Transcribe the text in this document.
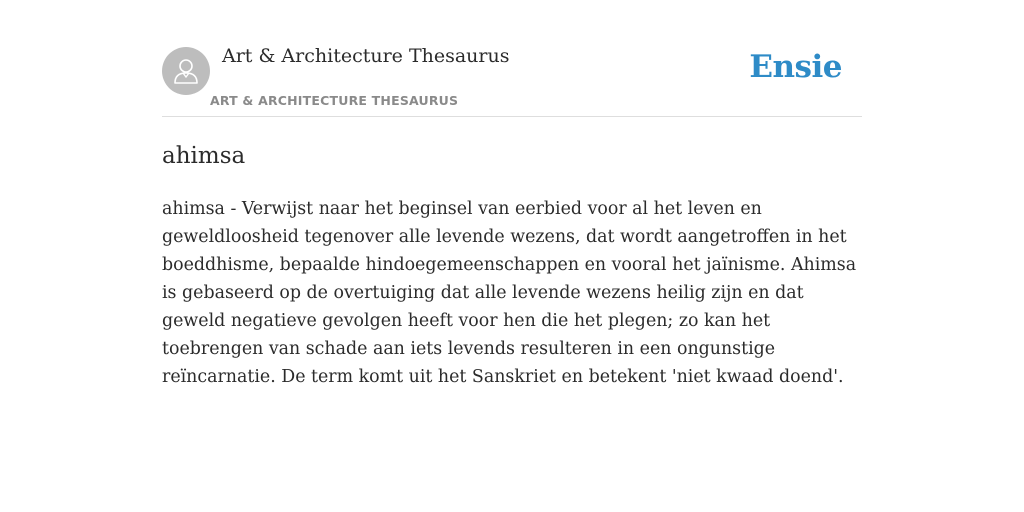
Art & Architecture Thesaurus
ART & ARCHITECTURE THESAURUS
Ensie
ahimsa

ahimsa - Verwijst naar het beginsel van eerbied voor al het leven en geweldloosheid tegenover alle levende wezens, dat wordt aangetroffen in het boeddhisme, bepaalde hindoegemeenschappen en vooral het jaïnisme. Ahimsa is gebaseerd op de overtuiging dat alle levende wezens heilig zijn en dat geweld negatieve gevolgen heeft voor hen die het plegen; zo kan het toebrengen van schade aan iets levends resulteren in een ongunstige reïncarnatie. De term komt uit het Sanskriet en betekent 'niet kwaad doend'.
